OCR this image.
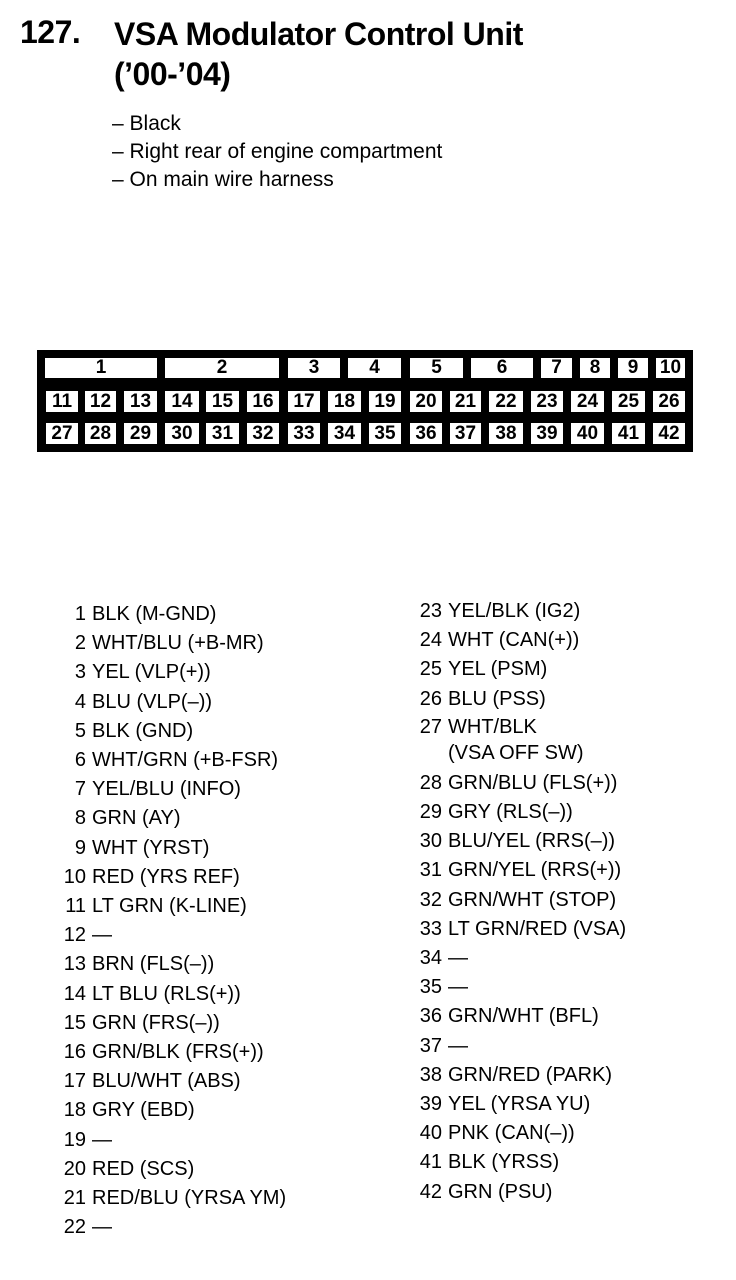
127. VSA Modulator Control Unit
(’00-’04)
– Black
– Right rear of engine compartment
– On main wire harness
1	2	3	4	5	6	7	8	9	10
11 12 13	14	15	16	17	18	19	20 21	22	23	24	25	26
27 28 29	30	31	32	33	34	35	36 37	38	39	40	41	42
1 BLK (M-GND)
2 WHT/BLU (+B-MR)
3 YEL (VLP(+))
4 BLU (VLP(–))
5 BLK (GND)
6 WHT/GRN (+B-FSR)
7 YEL/BLU (INFO)
8 GRN (AY)
9 WHT (YRST)
10 RED (YRS REF)
11 LT GRN (K-LINE)
12 —
13 BRN (FLS(–))
14 LT BLU (RLS(+))
15 GRN (FRS(–))
16 GRN/BLK (FRS(+))
17 BLU/WHT (ABS)
18 GRY (EBD)
19 —
20 RED (SCS)
21 RED/BLU (YRSA YM)
22 —
23 YEL/BLK (IG2)
24 WHT (CAN(+))
25 YEL (PSM)
26 BLU (PSS)
27 WHT/BLK
(VSA OFF SW)
28 GRN/BLU (FLS(+))
29 GRY (RLS(–))
30 BLU/YEL (RRS(–))
31 GRN/YEL (RRS(+))
32 GRN/WHT (STOP)
33 LT GRN/RED (VSA)
34 —
35 —
36 GRN/WHT (BFL)
37 —
38 GRN/RED (PARK)
39 YEL (YRSA YU)
40 PNK (CAN(–))
41 BLK (YRSS)
42 GRN (PSU)
